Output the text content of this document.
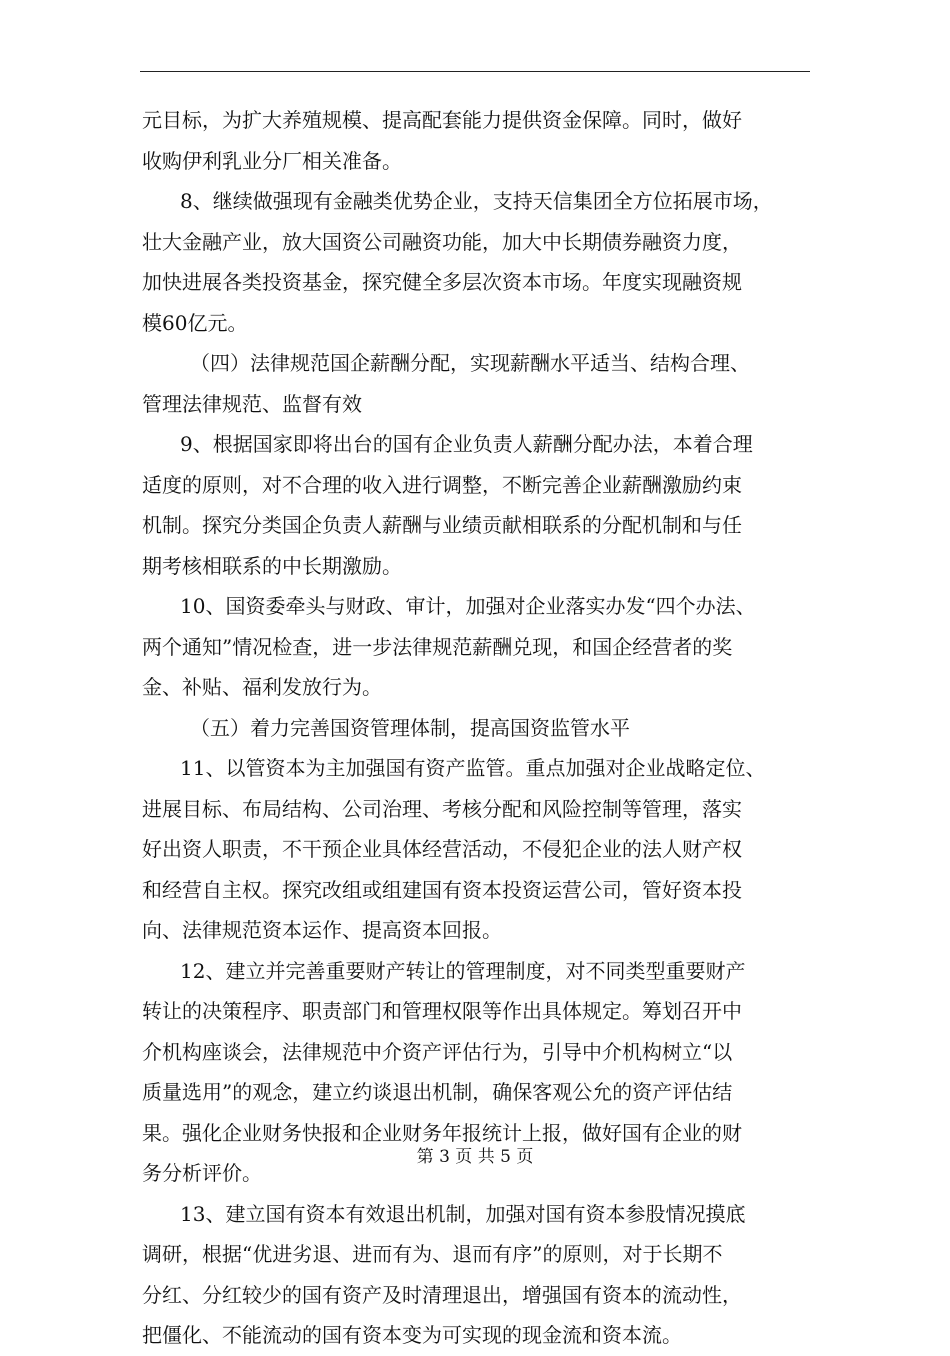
元目标，为扩大养殖规模、提高配套能力提供资金保障。同时，做好
收购伊利乳业分厂相关准备。
8、继续做强现有金融类优势企业，支持天信集团全方位拓展市场，
壮大金融产业，放大国资公司融资功能，加大中长期债券融资力度，
加快进展各类投资基金，探究健全多层次资本市场。年度实现融资规
模60亿元。
（四）法律规范国企薪酬分配，实现薪酬水平适当、结构合理、
管理法律规范、监督有效
9、根据国家即将出台的国有企业负责人薪酬分配办法，本着合理
适度的原则，对不合理的收入进行调整，不断完善企业薪酬激励约束
机制。探究分类国企负责人薪酬与业绩贡献相联系的分配机制和与任
期考核相联系的中长期激励。
10、国资委牵头与财政、审计，加强对企业落实办发“四个办法、
两个通知”情况检查，进一步法律规范薪酬兑现，和国企经营者的奖
金、补贴、福利发放行为。
（五）着力完善国资管理体制，提高国资监管水平
11、以管资本为主加强国有资产监管。重点加强对企业战略定位、
进展目标、布局结构、公司治理、考核分配和风险控制等管理，落实
好出资人职责，不干预企业具体经营活动，不侵犯企业的法人财产权
和经营自主权。探究改组或组建国有资本投资运营公司，管好资本投
向、法律规范资本运作、提高资本回报。
12、建立并完善重要财产转让的管理制度，对不同类型重要财产
转让的决策程序、职责部门和管理权限等作出具体规定。筹划召开中
介机构座谈会，法律规范中介资产评估行为，引导中介机构树立“以
质量选用”的观念，建立约谈退出机制，确保客观公允的资产评估结
果。强化企业财务快报和企业财务年报统计上报，做好国有企业的财
务分析评价。
13、建立国有资本有效退出机制，加强对国有资本参股情况摸底
调研，根据“优进劣退、进而有为、退而有序”的原则，对于长期不
分红、分红较少的国有资产及时清理退出，增强国有资本的流动性，
把僵化、不能流动的国有资本变为可实现的现金流和资本流。
第 3 页 共 5 页
